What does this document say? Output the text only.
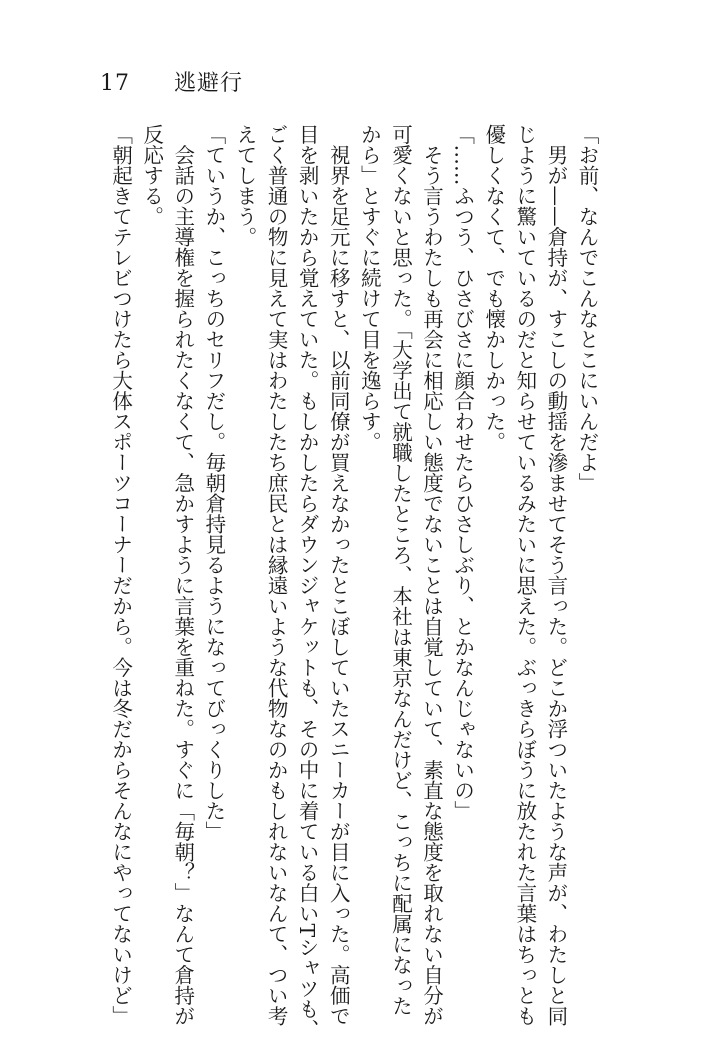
17 逃避行
「お前、なんでこんなとこにいんだよ」
　男が——倉持が、すこしの動揺を滲ませてそう言った。どこか浮ついたような声が、わたしと同
じように驚いているのだと知らせているみたいに思えた。ぶっきらぼうに放たれた言葉はちっとも
優しくなくて、でも懐かしかった。
「……ふつう、ひさびさに顔合わせたらひさしぶり、とかなんじゃないの」
　そう言うわたしも再会に相応しい態度でないことは自覚していて、素直な態度を取れない自分が
可愛くないと思った。「大学出て就職したところ、本社は東京なんだけど、こっちに配属になった
から」とすぐに続けて目を逸らす。
　視界を足元に移すと、以前同僚が買えなかったとこぼしていたスニーカーが目に入った。高価で
目を剥いたから覚えていた。もしかしたらダウンジャケットも、その中に着ている白いTシャツも、
ごく普通の物に見えて実はわたしたち庶民とは縁遠いような代物なのかもしれないなんて、つい考
えてしまう。
「ていうか、こっちのセリフだし。毎朝倉持見るようになってびっくりした」
　会話の主導権を握られたくなくて、急かすように言葉を重ねた。すぐに「毎朝？」なんて倉持が
反応する。
「朝起きてテレビつけたら大体スポーツコーナーだから。今は冬だからそんなにやってないけど」
